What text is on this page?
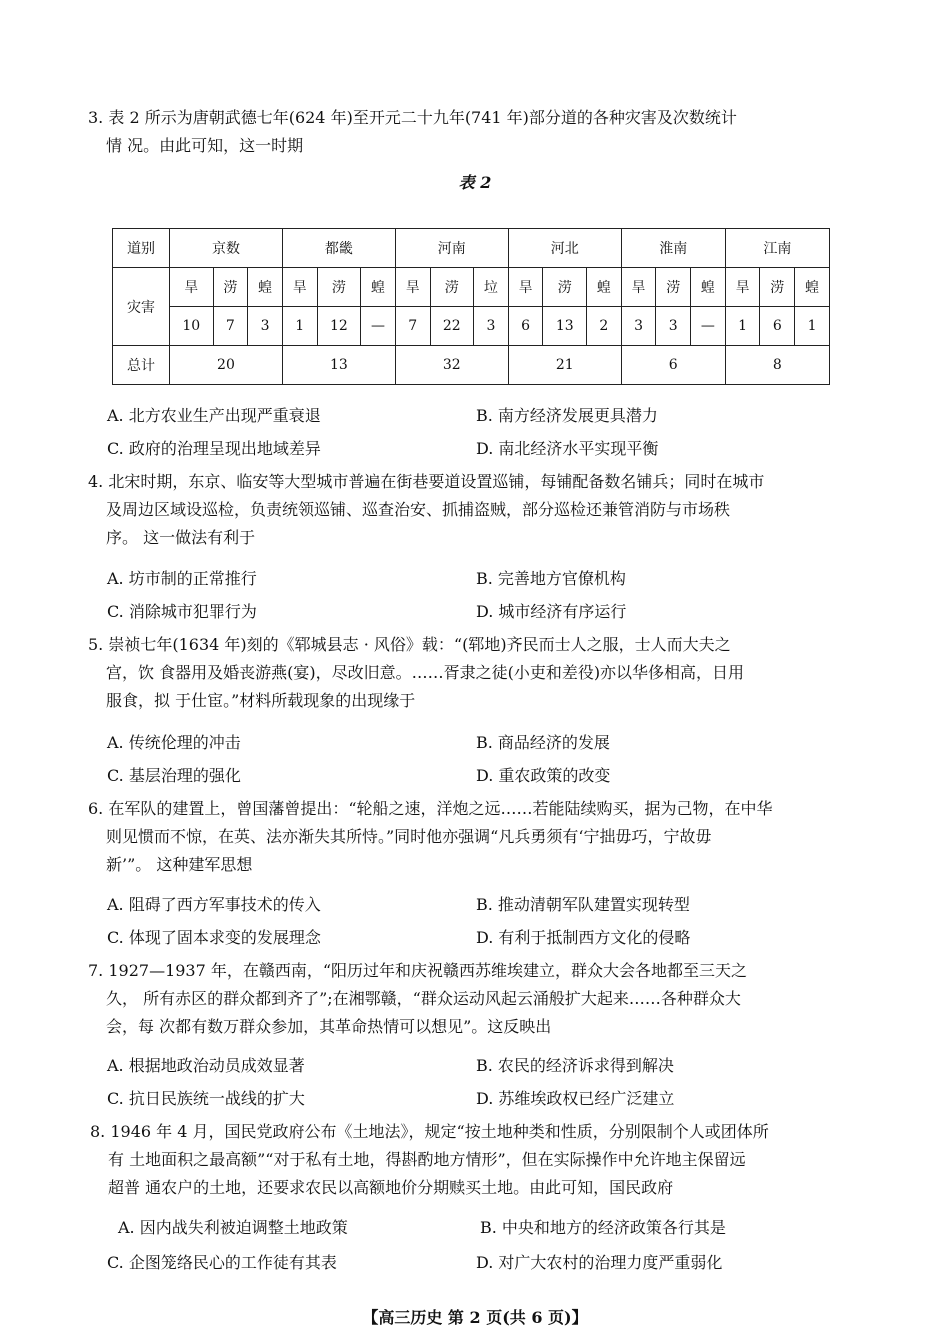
3. 表 2 所示为唐朝武德七年(624 年)至开元二十九年(741 年)部分道的各种灾害及次数统计
情 况。由此可知，这一时期
表 2
道别	京数			都畿			河南			河北			淮南			江南		
灾害	旱	涝	蝗	旱	涝	蝗	旱	涝	垃	旱	涝	蝗	旱	涝	蝗	旱	涝	蝗
	10	7	3	1	12	—	7	22	3	6	13	2	3	3	—	1	6	1
总计	20			13			32			21			6			8		
A. 北方农业生产出现严重衰退	B. 南方经济发展更具潜力
C. 政府的治理呈现出地域差异	D. 南北经济水平实现平衡
4. 北宋时期，东京、临安等大型城市普遍在街巷要道设置巡铺，每铺配备数名铺兵；同时在城市
及周边区域设巡检，负责统领巡铺、巡查治安、抓捕盗贼，部分巡检还兼管消防与市场秩
序。 这一做法有利于
A. 坊市制的正常推行	B. 完善地方官僚机构
C. 消除城市犯罪行为	D. 城市经济有序运行
5. 崇祯七年(1634 年)刻的《郓城县志 · 风俗》载：“(郓地)齐民而士人之服，士人而大夫之
宫，饮 食器用及婚丧游燕(宴)，尽改旧意。……胥隶之徒(小吏和差役)亦以华侈相高，日用
服食，拟 于仕宦。”材料所载现象的出现缘于
A. 传统伦理的冲击	B. 商品经济的发展
C. 基层治理的强化	D. 重农政策的改变
6. 在军队的建置上，曾国藩曾提出：“轮船之速，洋炮之远……若能陆续购买，据为己物，在中华
则见惯而不惊，在英、法亦渐失其所恃。”同时他亦强调“凡兵勇须有‘宁拙毋巧，宁故毋
新’”。 这种建军思想
A. 阻碍了西方军事技术的传入	B. 推动清朝军队建置实现转型
C. 体现了固本求变的发展理念	D. 有利于抵制西方文化的侵略
7. 1927—1937 年，在赣西南，“阳历过年和庆祝赣西苏维埃建立，群众大会各地都至三天之
久， 所有赤区的群众都到齐了”;在湘鄂赣，“群众运动风起云涌般扩大起来……各种群众大
会，每 次都有数万群众参加，其革命热情可以想见”。这反映出
A. 根据地政治动员成效显著	B. 农民的经济诉求得到解决
C. 抗日民族统一战线的扩大	D. 苏维埃政权已经广泛建立
8. 1946 年 4 月，国民党政府公布《土地法》，规定“按土地种类和性质，分别限制个人或团体所
有 土地面积之最高额”“对于私有土地，得斟酌地方情形”，但在实际操作中允许地主保留远
超普 通农户的土地，还要求农民以高额地价分期赎买土地。由此可知，国民政府
A. 因内战失利被迫调整土地政策	B. 中央和地方的经济政策各行其是
C. 企图笼络民心的工作徒有其表	D. 对广大农村的治理力度严重弱化
【高三历史 第 2 页(共 6 页)】
